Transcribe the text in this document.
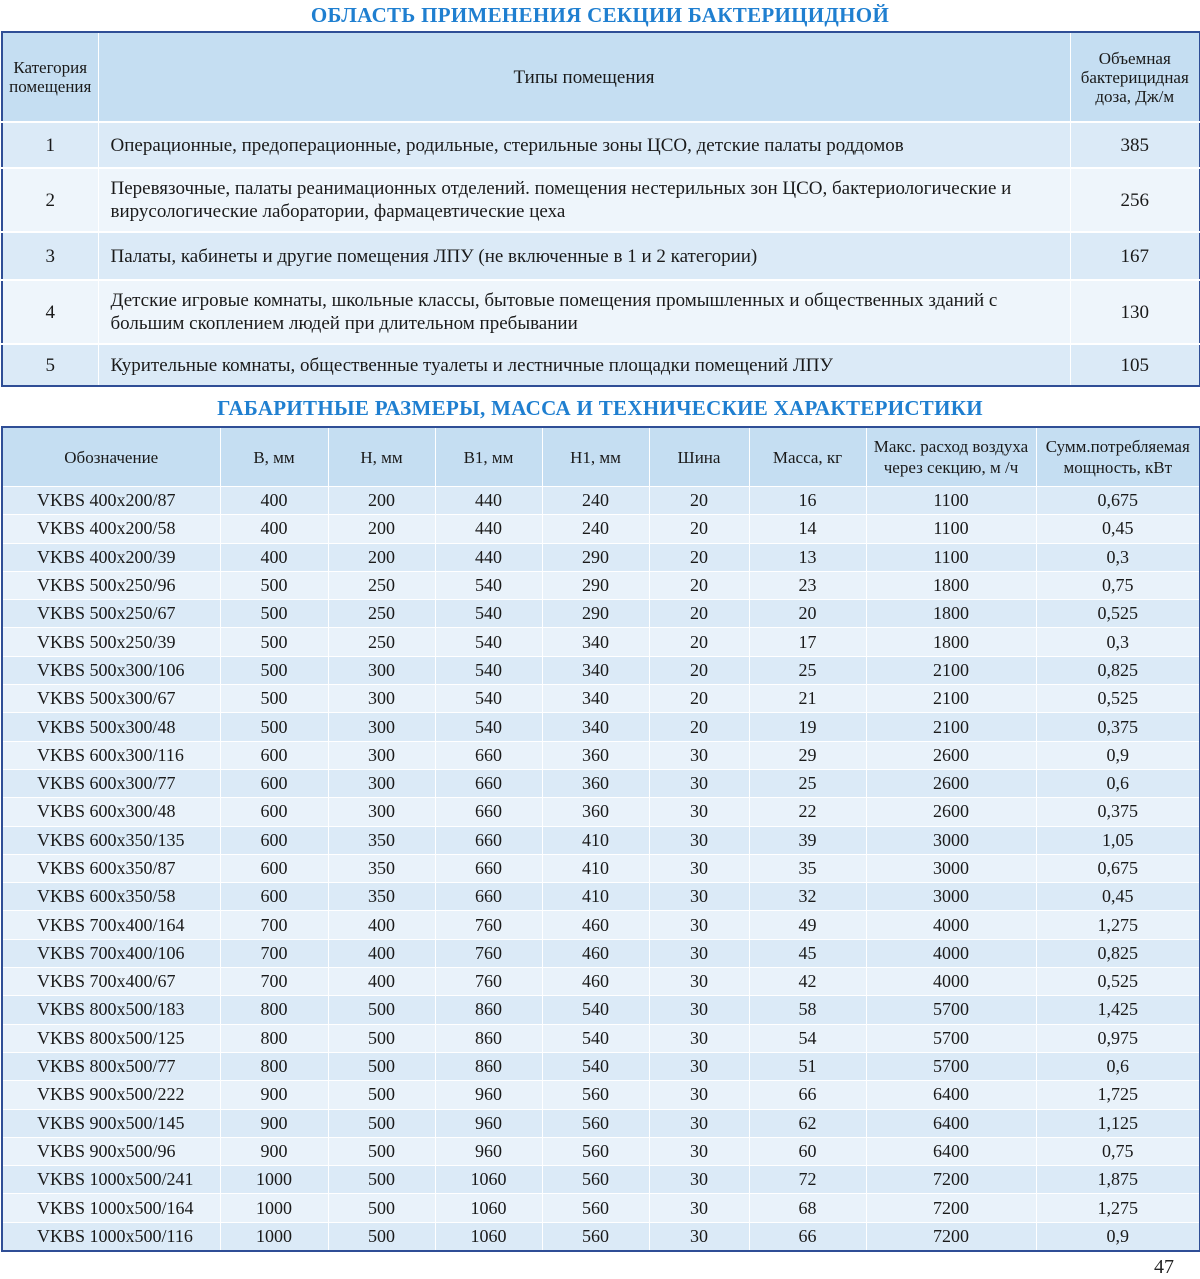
ОБЛАСТЬ ПРИМЕНЕНИЯ СЕКЦИИ БАКТЕРИЦИДНОЙ
Категория помещения	Типы помещения	Объемная бактерицидная доза, Дж/м
1	Операционные, предоперационные, родильные, стерильные зоны ЦСО, детские палаты роддомов	385
2	Перевязочные, палаты реанимационных отделений. помещения нестерильных зон ЦСО, бактериологические и вирусологические лаборатории, фармацевтические цеха	256
3	Палаты, кабинеты и другие помещения ЛПУ (не включенные в 1 и 2 категории)	167
4	Детские игровые комнаты, школьные классы, бытовые помещения промышленных и общественных зданий с большим скоплением людей при длительном пребывании	130
5	Курительные комнаты, общественные туалеты и лестничные площадки помещений ЛПУ	105
ГАБАРИТНЫЕ РАЗМЕРЫ, МАССА И ТЕХНИЧЕСКИЕ ХАРАКТЕРИСТИКИ
Обозначение	B, мм	H, мм	B1, мм	H1, мм	Шина	Масса, кг	Макс. расход воздуха через секцию, м /ч	Сумм.потребляемая мощность, кВт
VKBS 400x200/87	400	200	440	240	20	16	1100	0,675
VKBS 400x200/58	400	200	440	240	20	14	1100	0,45
VKBS 400x200/39	400	200	440	290	20	13	1100	0,3
VKBS 500x250/96	500	250	540	290	20	23	1800	0,75
VKBS 500x250/67	500	250	540	290	20	20	1800	0,525
VKBS 500x250/39	500	250	540	340	20	17	1800	0,3
VKBS 500x300/106	500	300	540	340	20	25	2100	0,825
VKBS 500x300/67	500	300	540	340	20	21	2100	0,525
VKBS 500x300/48	500	300	540	340	20	19	2100	0,375
VKBS 600x300/116	600	300	660	360	30	29	2600	0,9
VKBS 600x300/77	600	300	660	360	30	25	2600	0,6
VKBS 600x300/48	600	300	660	360	30	22	2600	0,375
VKBS 600x350/135	600	350	660	410	30	39	3000	1,05
VKBS 600x350/87	600	350	660	410	30	35	3000	0,675
VKBS 600x350/58	600	350	660	410	30	32	3000	0,45
VKBS 700x400/164	700	400	760	460	30	49	4000	1,275
VKBS 700x400/106	700	400	760	460	30	45	4000	0,825
VKBS 700x400/67	700	400	760	460	30	42	4000	0,525
VKBS 800x500/183	800	500	860	540	30	58	5700	1,425
VKBS 800x500/125	800	500	860	540	30	54	5700	0,975
VKBS 800x500/77	800	500	860	540	30	51	5700	0,6
VKBS 900x500/222	900	500	960	560	30	66	6400	1,725
VKBS 900x500/145	900	500	960	560	30	62	6400	1,125
VKBS 900x500/96	900	500	960	560	30	60	6400	0,75
VKBS 1000x500/241	1000	500	1060	560	30	72	7200	1,875
VKBS 1000x500/164	1000	500	1060	560	30	68	7200	1,275
VKBS 1000x500/116	1000	500	1060	560	30	66	7200	0,9
47
